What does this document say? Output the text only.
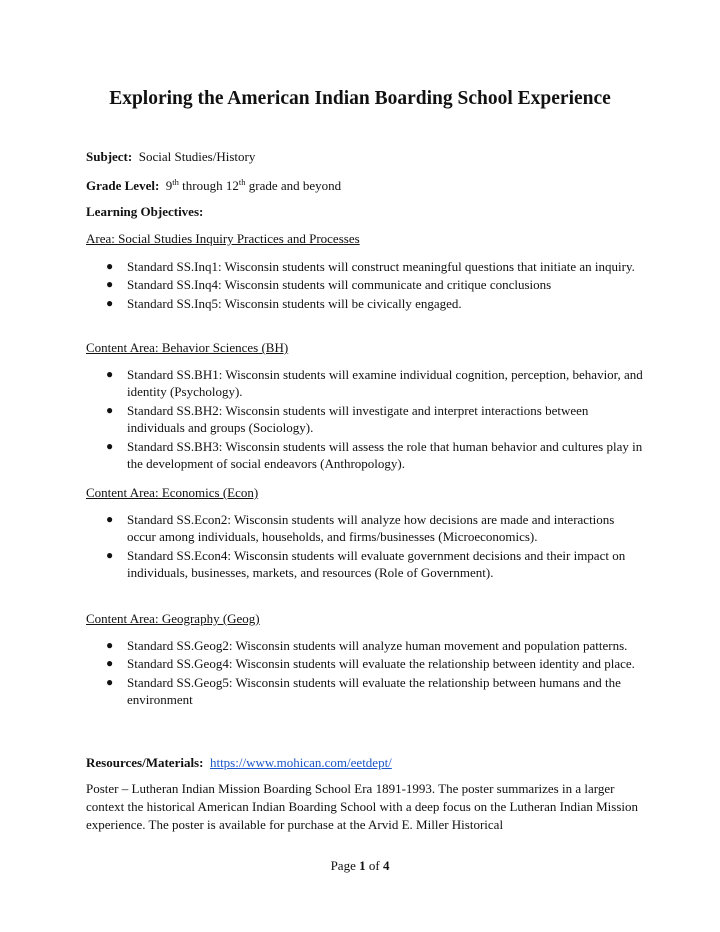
Exploring the American Indian Boarding School Experience
Subject: Social Studies/History
Grade Level: 9th through 12th grade and beyond
Learning Objectives:
Area: Social Studies Inquiry Practices and Processes
● Standard SS.Inq1: Wisconsin students will construct meaningful questions that initiate an inquiry.
● Standard SS.Inq4: Wisconsin students will communicate and critique conclusions
● Standard SS.Inq5: Wisconsin students will be civically engaged.
Content Area: Behavior Sciences (BH)
● Standard SS.BH1: Wisconsin students will examine individual cognition, perception, behavior, and identity (Psychology).
● Standard SS.BH2: Wisconsin students will investigate and interpret interactions between individuals and groups (Sociology).
● Standard SS.BH3: Wisconsin students will assess the role that human behavior and cultures play in the development of social endeavors (Anthropology).
Content Area: Economics (Econ)
● Standard SS.Econ2: Wisconsin students will analyze how decisions are made and interactions occur among individuals, households, and firms/businesses (Microeconomics).
● Standard SS.Econ4: Wisconsin students will evaluate government decisions and their impact on individuals, businesses, markets, and resources (Role of Government).
Content Area: Geography (Geog)
● Standard SS.Geog2: Wisconsin students will analyze human movement and population patterns.
● Standard SS.Geog4: Wisconsin students will evaluate the relationship between identity and place.
● Standard SS.Geog5: Wisconsin students will evaluate the relationship between humans and the environment
Resources/Materials: https://www.mohican.com/eetdept/
Poster – Lutheran Indian Mission Boarding School Era 1891-1993. The poster summarizes in a larger context the historical American Indian Boarding School with a deep focus on the Lutheran Indian Mission experience. The poster is available for purchase at the Arvid E. Miller Historical
Page 1 of 4
